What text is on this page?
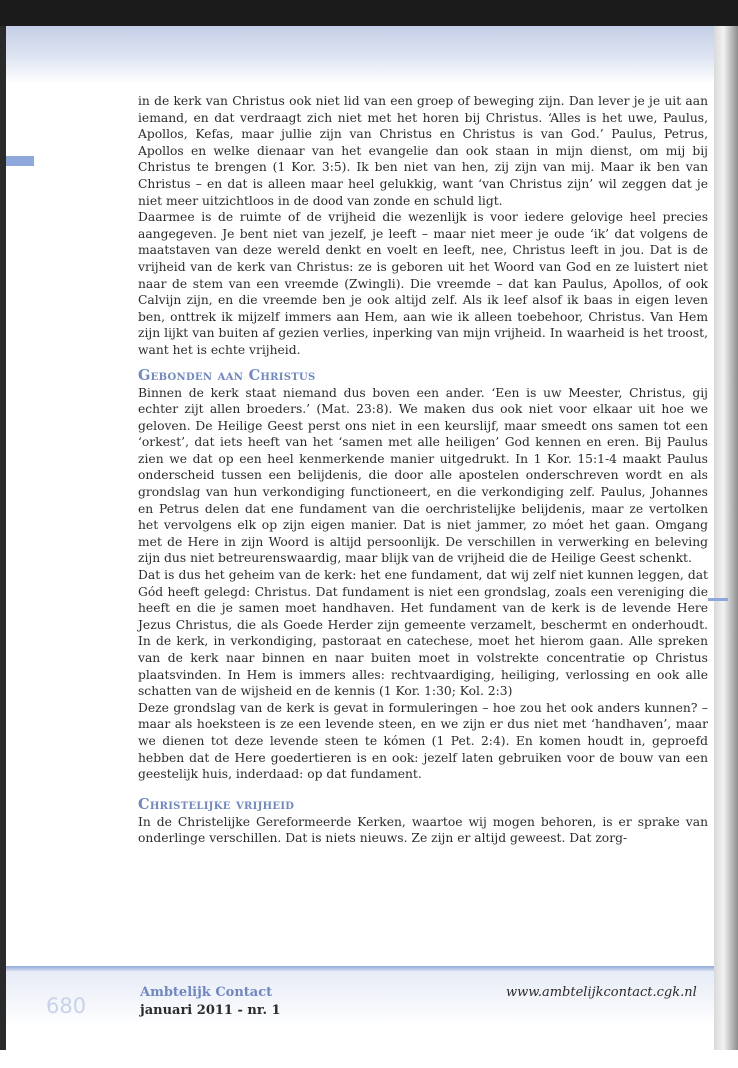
in de kerk van Christus ook niet lid van een groep of beweging zijn. Dan lever je je uit aan iemand, en dat verdraagt zich niet met het horen bij Christus. ‘Alles is het uwe, Paulus, Apollos, Kefas, maar jullie zijn van Christus en Christus is van God.’ Paulus, Petrus, Apollos en welke dienaar van het evangelie dan ook staan in mijn dienst, om mij bij Christus te brengen (1 Kor. 3:5). Ik ben niet van hen, zij zijn van mij. Maar ik ben van Christus – en dat is alleen maar heel gelukkig, want ‘van Christus zijn’ wil zeggen dat je niet meer uitzichtloos in de dood van zonde en schuld ligt.

Daarmee is de ruimte of de vrijheid die wezenlijk is voor iedere gelovige heel precies aangegeven. Je bent niet van jezelf, je leeft – maar niet meer je oude ‘ik’ dat volgens de maatstaven van deze wereld denkt en voelt en leeft, nee, Christus leeft in jou. Dat is de vrijheid van de kerk van Christus: ze is geboren uit het Woord van God en ze luistert niet naar de stem van een vreemde (Zwingli). Die vreemde – dat kan Paulus, Apollos, of ook Calvijn zijn, en die vreemde ben je ook altijd zelf. Als ik leef alsof ik baas in eigen leven ben, onttrek ik mijzelf immers aan Hem, aan wie ik alleen toebehoor, Christus. Van Hem zijn lijkt van buiten af gezien verlies, inperking van mijn vrijheid. In waarheid is het troost, want het is echte vrijheid.

Gebonden aan Christus

Binnen de kerk staat niemand dus boven een ander. ‘Een is uw Meester, Christus, gij echter zijt allen broeders.’ (Mat. 23:8). We maken dus ook niet voor elkaar uit hoe we geloven. De Heilige Geest perst ons niet in een keurslijf, maar smeedt ons samen tot een ‘orkest’, dat iets heeft van het ‘samen met alle heiligen’ God kennen en eren. Bij Paulus zien we dat op een heel kenmerkende manier uitgedrukt. In 1 Kor. 15:1-4 maakt Paulus onderscheid tussen een belijdenis, die door alle apostelen onderschreven wordt en als grondslag van hun verkondiging functioneert, en die verkondiging zelf. Paulus, Johannes en Petrus delen dat ene fundament van die oerchristelijke belijdenis, maar ze vertolken het vervolgens elk op zijn eigen manier. Dat is niet jammer, zo móet het gaan. Omgang met de Here in zijn Woord is altijd persoonlijk. De verschillen in verwerking en beleving zijn dus niet betreurenswaardig, maar blijk van de vrijheid die de Heilige Geest schenkt.

Dat is dus het geheim van de kerk: het ene fundament, dat wij zelf niet kunnen leggen, dat Gód heeft gelegd: Christus. Dat fundament is niet een grondslag, zoals een vereniging die heeft en die je samen moet handhaven. Het fundament van de kerk is de levende Here Jezus Christus, die als Goede Herder zijn gemeente verzamelt, beschermt en onderhoudt. In de kerk, in verkondiging, pastoraat en catechese, moet het hierom gaan. Alle spreken van de kerk naar binnen en naar buiten moet in volstrekte concentratie op Christus plaatsvinden. In Hem is immers alles: rechtvaardiging, heiliging, verlossing en ook alle schatten van de wijsheid en de kennis (1 Kor. 1:30; Kol. 2:3)

Deze grondslag van de kerk is gevat in formuleringen – hoe zou het ook anders kunnen? – maar als hoeksteen is ze een levende steen, en we zijn er dus niet met ‘handhaven’, maar we dienen tot deze levende steen te kómen (1 Pet. 2:4). En komen houdt in, geproefd hebben dat de Here goedertieren is en ook: jezelf laten gebruiken voor de bouw van een geestelijk huis, inderdaad: op dat fundament.

Christelijke vrijheid

In de Christelijke Gereformeerde Kerken, waartoe wij mogen behoren, is er sprake van onderlinge verschillen. Dat is niets nieuws. Ze zijn er altijd geweest. Dat zorg-

680
Ambtelijk Contact
januari 2011 - nr. 1
www.ambtelijkcontact.cgk.nl
